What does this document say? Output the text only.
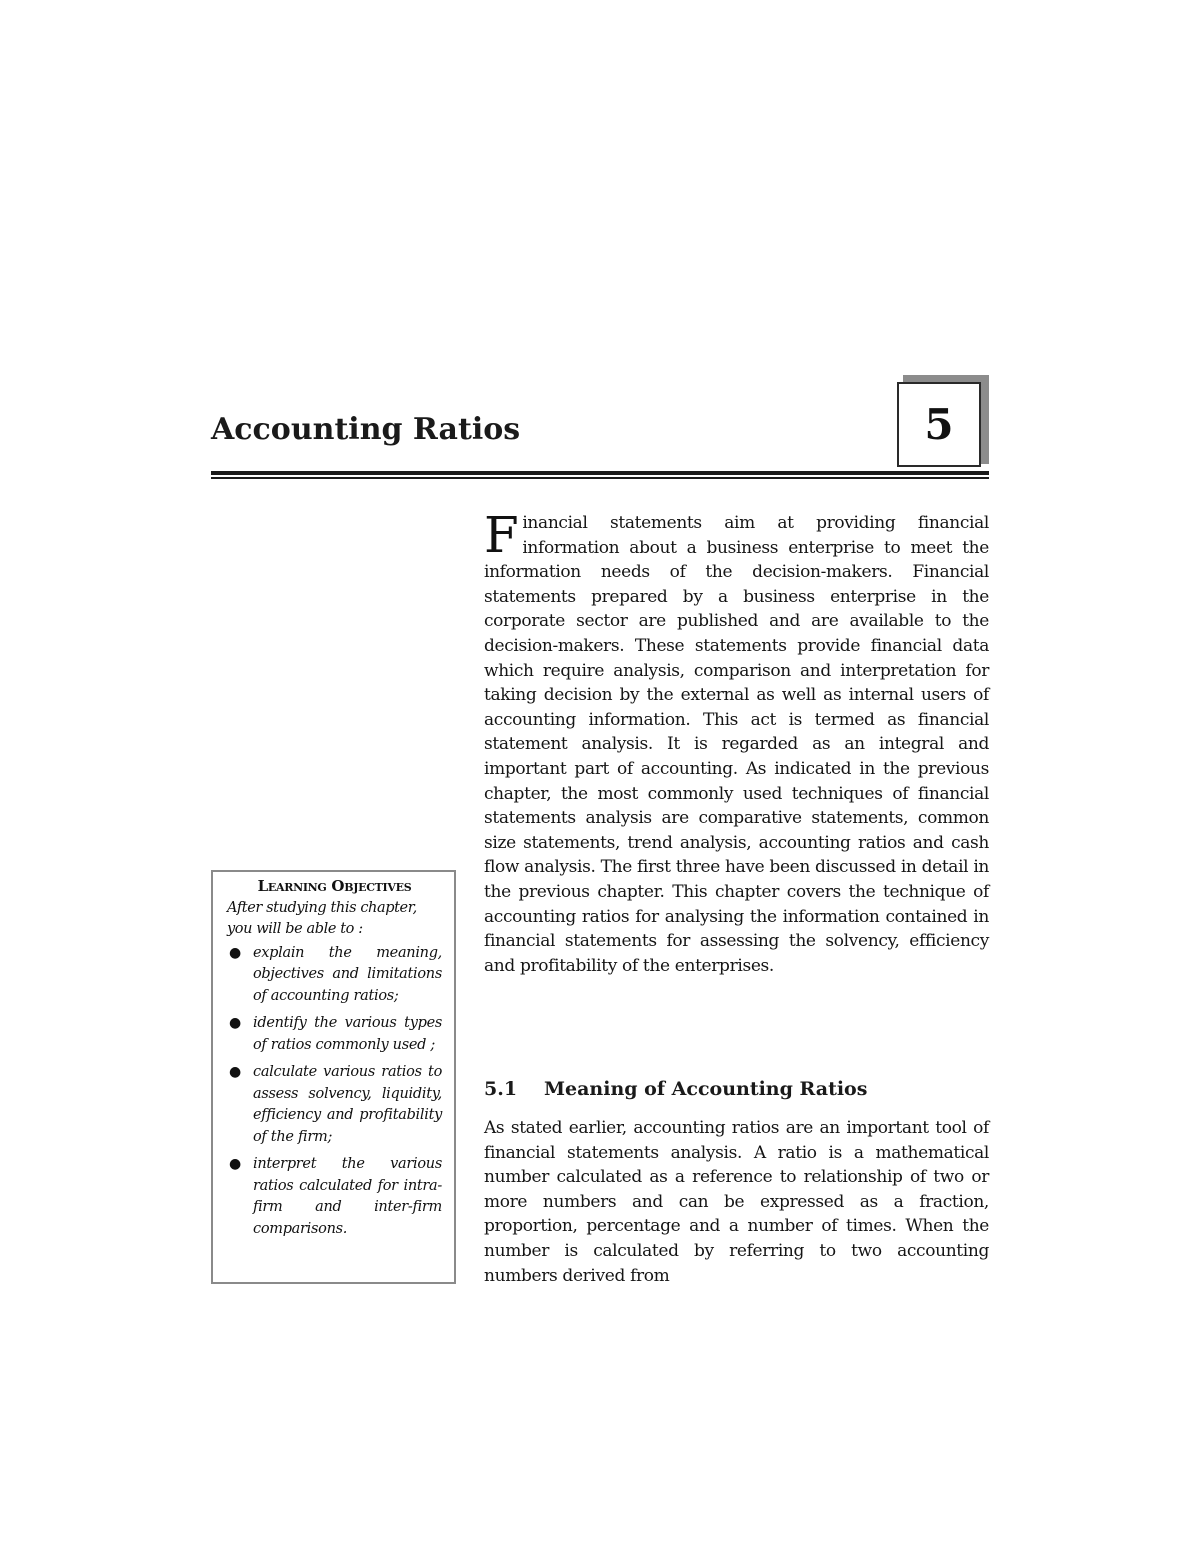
Accounting Ratios	5
Learning Objectives
After studying this chapter, you will be able to :
● explain the meaning, objectives and limitations of accounting ratios;
● identify the various types of ratios commonly used ;
● calculate various ratios to assess solvency, liquidity, efficiency and profitability of the firm;
● interpret the various ratios calculated for intra-firm and inter-firm comparisons.
Financial statements aim at providing financial information about a business enterprise to meet the information needs of the decision-makers. Financial statements prepared by a business enterprise in the corporate sector are published and are available to the decision-makers. These statements provide financial data which require analysis, comparison and interpretation for taking decision by the external as well as internal users of accounting information. This act is termed as financial statement analysis. It is regarded as an integral and important part of accounting. As indicated in the previous chapter, the most commonly used techniques of financial statements analysis are comparative statements, common size statements, trend analysis, accounting ratios and cash flow analysis. The first three have been discussed in detail in the previous chapter. This chapter covers the technique of accounting ratios for analysing the information contained in financial statements for assessing the solvency, efficiency and profitability of the enterprises.
5.1 Meaning of Accounting Ratios
As stated earlier, accounting ratios are an important tool of financial statements analysis. A ratio is a mathematical number calculated as a reference to relationship of two or more numbers and can be expressed as a fraction, proportion, percentage and a number of times. When the number is calculated by referring to two accounting numbers derived from
